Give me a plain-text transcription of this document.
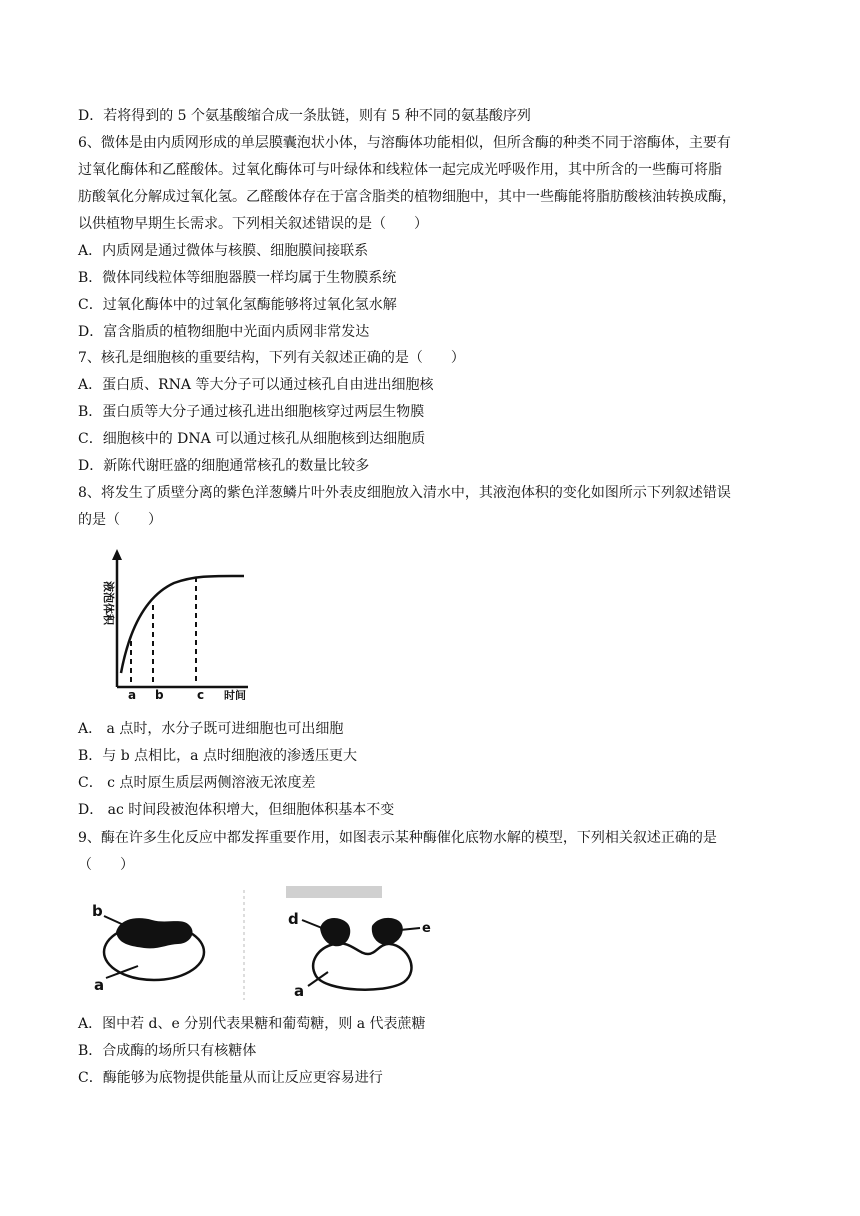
D．若将得到的 5 个氨基酸缩合成一条肽链，则有 5 种不同的氨基酸序列
6、微体是由内质网形成的单层膜囊泡状小体，与溶酶体功能相似，但所含酶的种类不同于溶酶体，主要有
过氧化酶体和乙醛酸体。过氧化酶体可与叶绿体和线粒体一起完成光呼吸作用，其中所含的一些酶可将脂
肪酸氧化分解成过氧化氢。乙醛酸体存在于富含脂类的植物细胞中，其中一些酶能将脂肪酸核油转换成酶，
以供植物早期生长需求。下列相关叙述错误的是（　　）
A．内质网是通过微体与核膜、细胞膜间接联系
B．微体同线粒体等细胞器膜一样均属于生物膜系统
C．过氧化酶体中的过氧化氢酶能够将过氧化氢水解
D．富含脂质的植物细胞中光面内质网非常发达
7、核孔是细胞核的重要结构，下列有关叙述正确的是（　　）
A．蛋白质、RNA 等大分子可以通过核孔自由进出细胞核
B．蛋白质等大分子通过核孔进出细胞核穿过两层生物膜
C．细胞核中的 DNA 可以通过核孔从细胞核到达细胞质
D．新陈代谢旺盛的细胞通常核孔的数量比较多
8、将发生了质壁分离的紫色洋葱鳞片叶外表皮细胞放入清水中，其液泡体积的变化如图所示下列叙述错误
的是（　　）
液泡体积
a b	c 时间
A． a 点时，水分子既可进细胞也可出细胞
B．与 b 点相比，a 点时细胞液的渗透压更大
C． c 点时原生质层两侧溶液无浓度差
D． ac 时间段被泡体积增大，但细胞体积基本不变
9、酶在许多生化反应中都发挥重要作用，如图表示某种酶催化底物水解的模型，下列相关叙述正确的是
（　　）
b
a
d
e
a
A．图中若 d、e 分别代表果糖和葡萄糖，则 a 代表蔗糖
B．合成酶的场所只有核糖体
C．酶能够为底物提供能量从而让反应更容易进行
